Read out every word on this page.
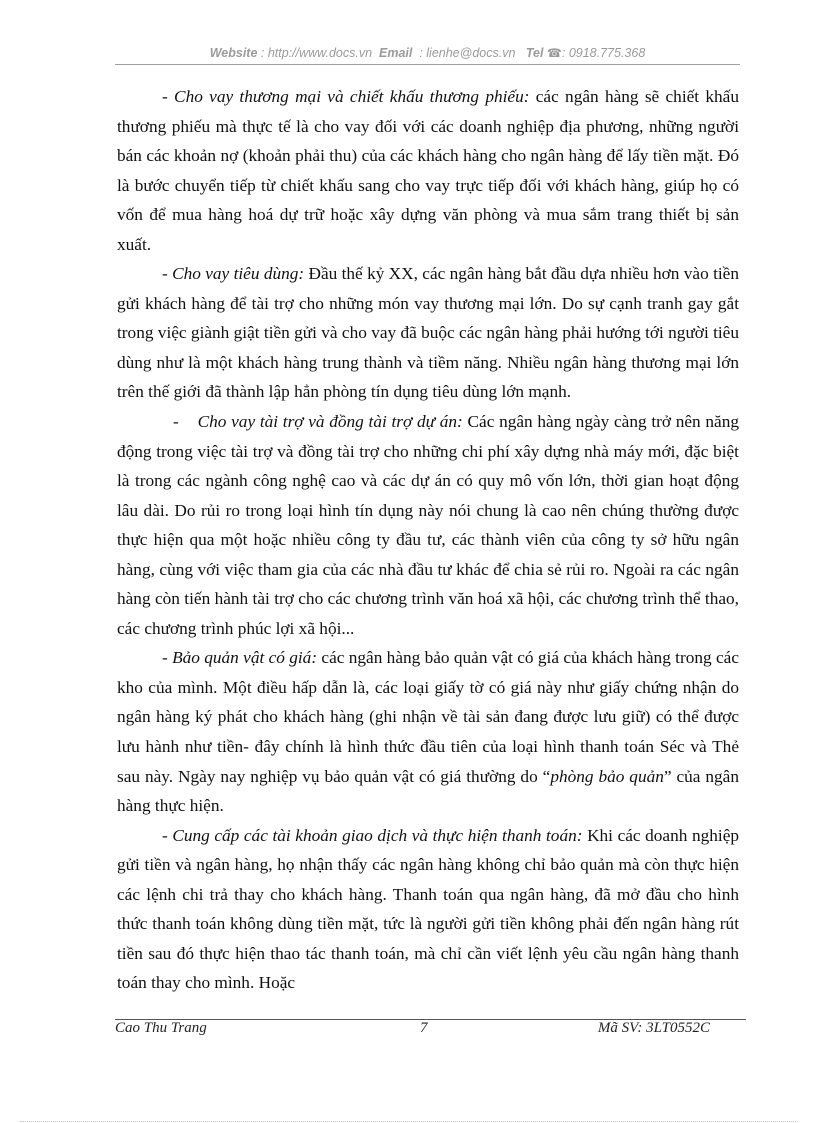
Website : http://www.docs.vn Email : lienhe@docs.vn Tel ☎: 0918.775.368

- Cho vay thương mại và chiết khấu thương phiếu: các ngân hàng sẽ chiết khấu thương phiếu mà thực tế là cho vay đối với các doanh nghiệp địa phương, những người bán các khoản nợ (khoản phải thu) của các khách hàng cho ngân hàng để lấy tiền mặt. Đó là bước chuyển tiếp từ chiết khấu sang cho vay trực tiếp đối với khách hàng, giúp họ có vốn để mua hàng hoá dự trữ hoặc xây dựng văn phòng và mua sắm trang thiết bị sản xuất.

- Cho vay tiêu dùng: Đầu thế kỷ XX, các ngân hàng bắt đầu dựa nhiều hơn vào tiền gửi khách hàng để tài trợ cho những món vay thương mại lớn. Do sự cạnh tranh gay gắt trong việc giành giật tiền gửi và cho vay đã buộc các ngân hàng phải hướng tới người tiêu dùng như là một khách hàng trung thành và tiềm năng. Nhiều ngân hàng thương mại lớn trên thế giới đã thành lập hẳn phòng tín dụng tiêu dùng lớn mạnh.

-    Cho vay tài trợ và đồng tài trợ dự án: Các ngân hàng ngày càng trở nên năng động trong việc tài trợ và đồng tài trợ cho những chi phí xây dựng nhà máy mới, đặc biệt là trong các ngành công nghệ cao và các dự án có quy mô vốn lớn, thời gian hoạt động lâu dài. Do rủi ro trong loại hình tín dụng này nói chung là cao nên chúng thường được thực hiện qua một hoặc nhiều công ty đầu tư, các thành viên của công ty sở hữu ngân hàng, cùng với việc tham gia của các nhà đầu tư khác để chia sẻ rủi ro. Ngoài ra các ngân hàng còn tiến hành tài trợ cho các chương trình văn hoá xã hội, các chương trình thể thao, các chương trình phúc lợi xã hội...

- Bảo quản vật có giá: các ngân hàng bảo quản vật có giá của khách hàng trong các kho của mình. Một điều hấp dẫn là, các loại giấy tờ có giá này như giấy chứng nhận do ngân hàng ký phát cho khách hàng (ghi nhận về tài sản đang được lưu giữ) có thể được lưu hành như tiền- đây chính là hình thức đầu tiên của loại hình thanh toán Séc và Thẻ sau này. Ngày nay nghiệp vụ bảo quản vật có giá thường do “phòng bảo quản” của ngân hàng thực hiện.

- Cung cấp các tài khoản giao dịch và thực hiện thanh toán: Khi các doanh nghiệp gửi tiền và ngân hàng, họ nhận thấy các ngân hàng không chỉ bảo quản mà còn thực hiện các lệnh chi trả thay cho khách hàng. Thanh toán qua ngân hàng, đã mở đầu cho hình thức thanh toán không dùng tiền mặt, tức là người gửi tiền không phải đến ngân hàng rút tiền sau đó thực hiện thao tác thanh toán, mà chỉ cần viết lệnh yêu cầu ngân hàng thanh toán thay cho mình. Hoặc

Cao Thu Trang	7	Mã SV: 3LT0552C
